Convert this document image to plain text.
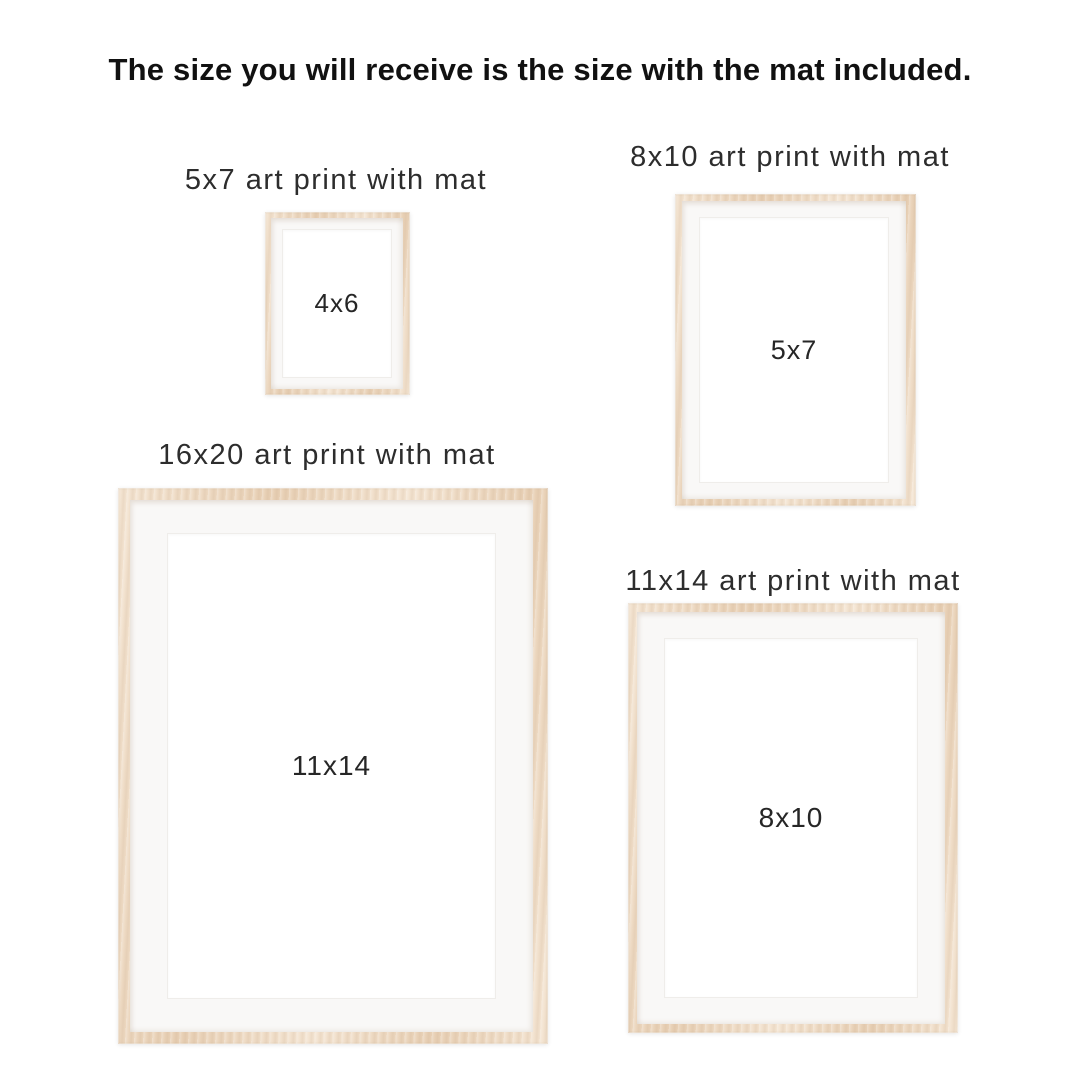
The size you will receive is the size with the mat included.
5x7 art print with mat
4x6
8x10 art print with mat
5x7
16x20 art print with mat
11x14
11x14 art print with mat
8x10
